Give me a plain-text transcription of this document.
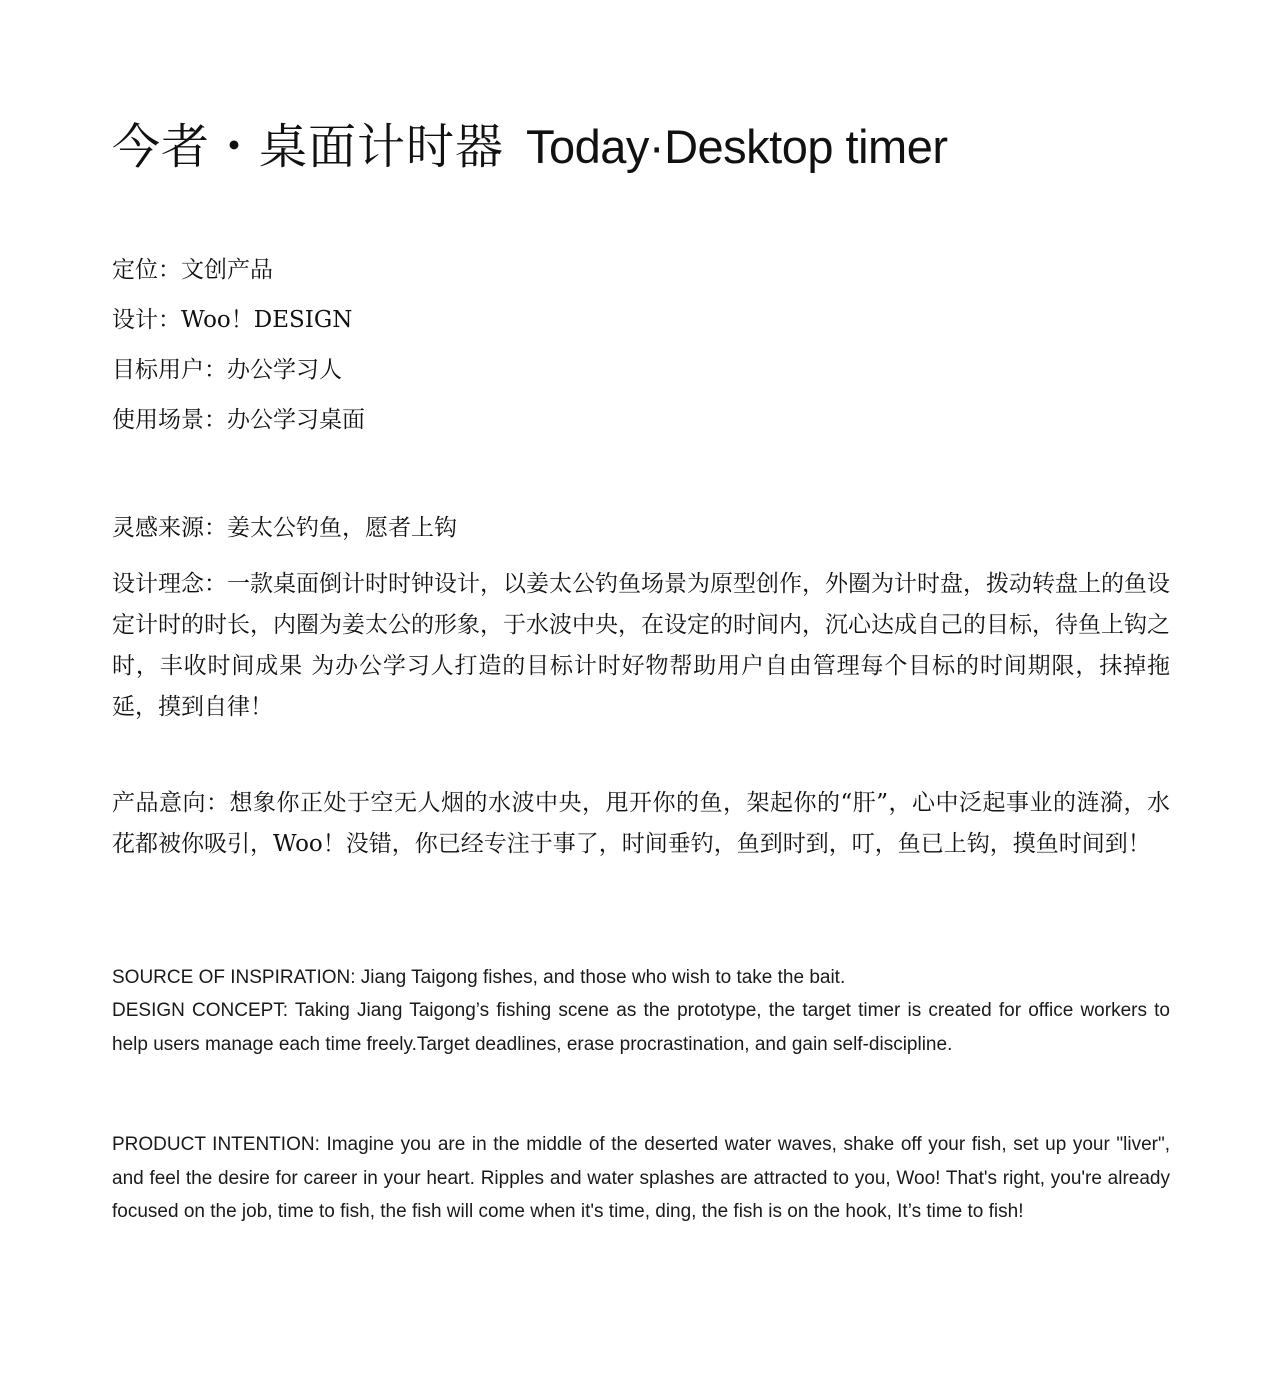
今者・桌面计时器 Today·Desktop timer
定位：文创产品
设计：Woo！DESIGN
目标用户：办公学习人
使用场景：办公学习桌面

灵感来源：姜太公钓鱼，愿者上钩

设计理念：一款桌面倒计时时钟设计，以姜太公钓鱼场景为原型创作，外圈为计时盘，拨动转盘上的鱼设定计时的时长，内圈为姜太公的形象，于水波中央，在设定的时间内，沉心达成自己的目标，待鱼上钩之时，丰收时间成果 为办公学习人打造的目标计时好物帮助用户自由管理每个目标的时间期限，抹掉拖延，摸到自律！

产品意向：想象你正处于空无人烟的水波中央，甩开你的鱼，架起你的“肝”，心中泛起事业的涟漪，水花都被你吸引，Woo！没错，你已经专注于事了，时间垂钓，鱼到时到，叮，鱼已上钩，摸鱼时间到！

SOURCE OF INSPIRATION: Jiang Taigong fishes, and those who wish to take the bait.

DESIGN CONCEPT: Taking Jiang Taigong’s fishing scene as the prototype, the target timer is created for office workers to help users manage each time freely.Target deadlines, erase procrastination, and gain self-discipline.

PRODUCT INTENTION: Imagine you are in the middle of the deserted water waves, shake off your fish, set up your "liver", and feel the desire for career in your heart. Ripples and water splashes are attracted to you, Woo! That's right, you're already focused on the job, time to fish, the fish will come when it's time, ding, the fish is on the hook, It’s time to fish!
